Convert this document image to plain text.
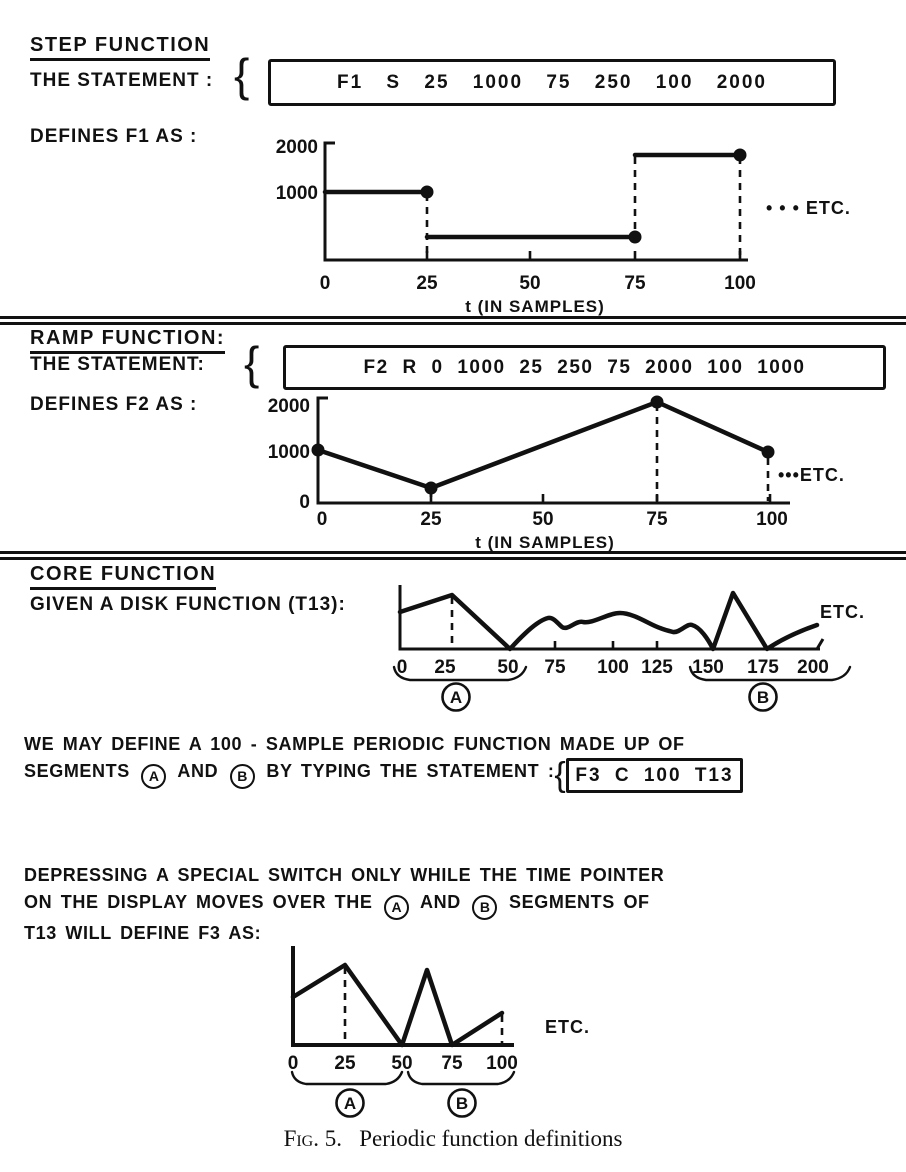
STEP FUNCTION
THE STATEMENT : {	F1 S 25 1000 75 250 100 2000
DEFINES F1 AS :
2000
1000
0	25	50	75	100
t (IN SAMPLES)
• • • ETC.
RAMP FUNCTION:
THE STATEMENT: {	F2 R 0 1000 25 250 75 2000 100 1000
DEFINES F2 AS :	2000
1000
0
0	25	50	75	100
t (IN SAMPLES)
•••ETC.
CORE FUNCTION
GIVEN A DISK FUNCTION (T13):
0 25 50 75 100 125 150 175 200
A	B
ETC.
WE MAY DEFINE A 100 - SAMPLE PERIODIC FUNCTION MADE UP OF
SEGMENTS A AND B BY TYPING THE STATEMENT :{ F3 C 100 T13
DEPRESSING A SPECIAL SWITCH ONLY WHILE THE TIME POINTER
ON THE DISPLAY MOVES OVER THE A AND B SEGMENTS OF
T13 WILL DEFINE F3 AS:
0 25 50 75 100
A	B
ETC.
Fig. 5. Periodic function definitions
